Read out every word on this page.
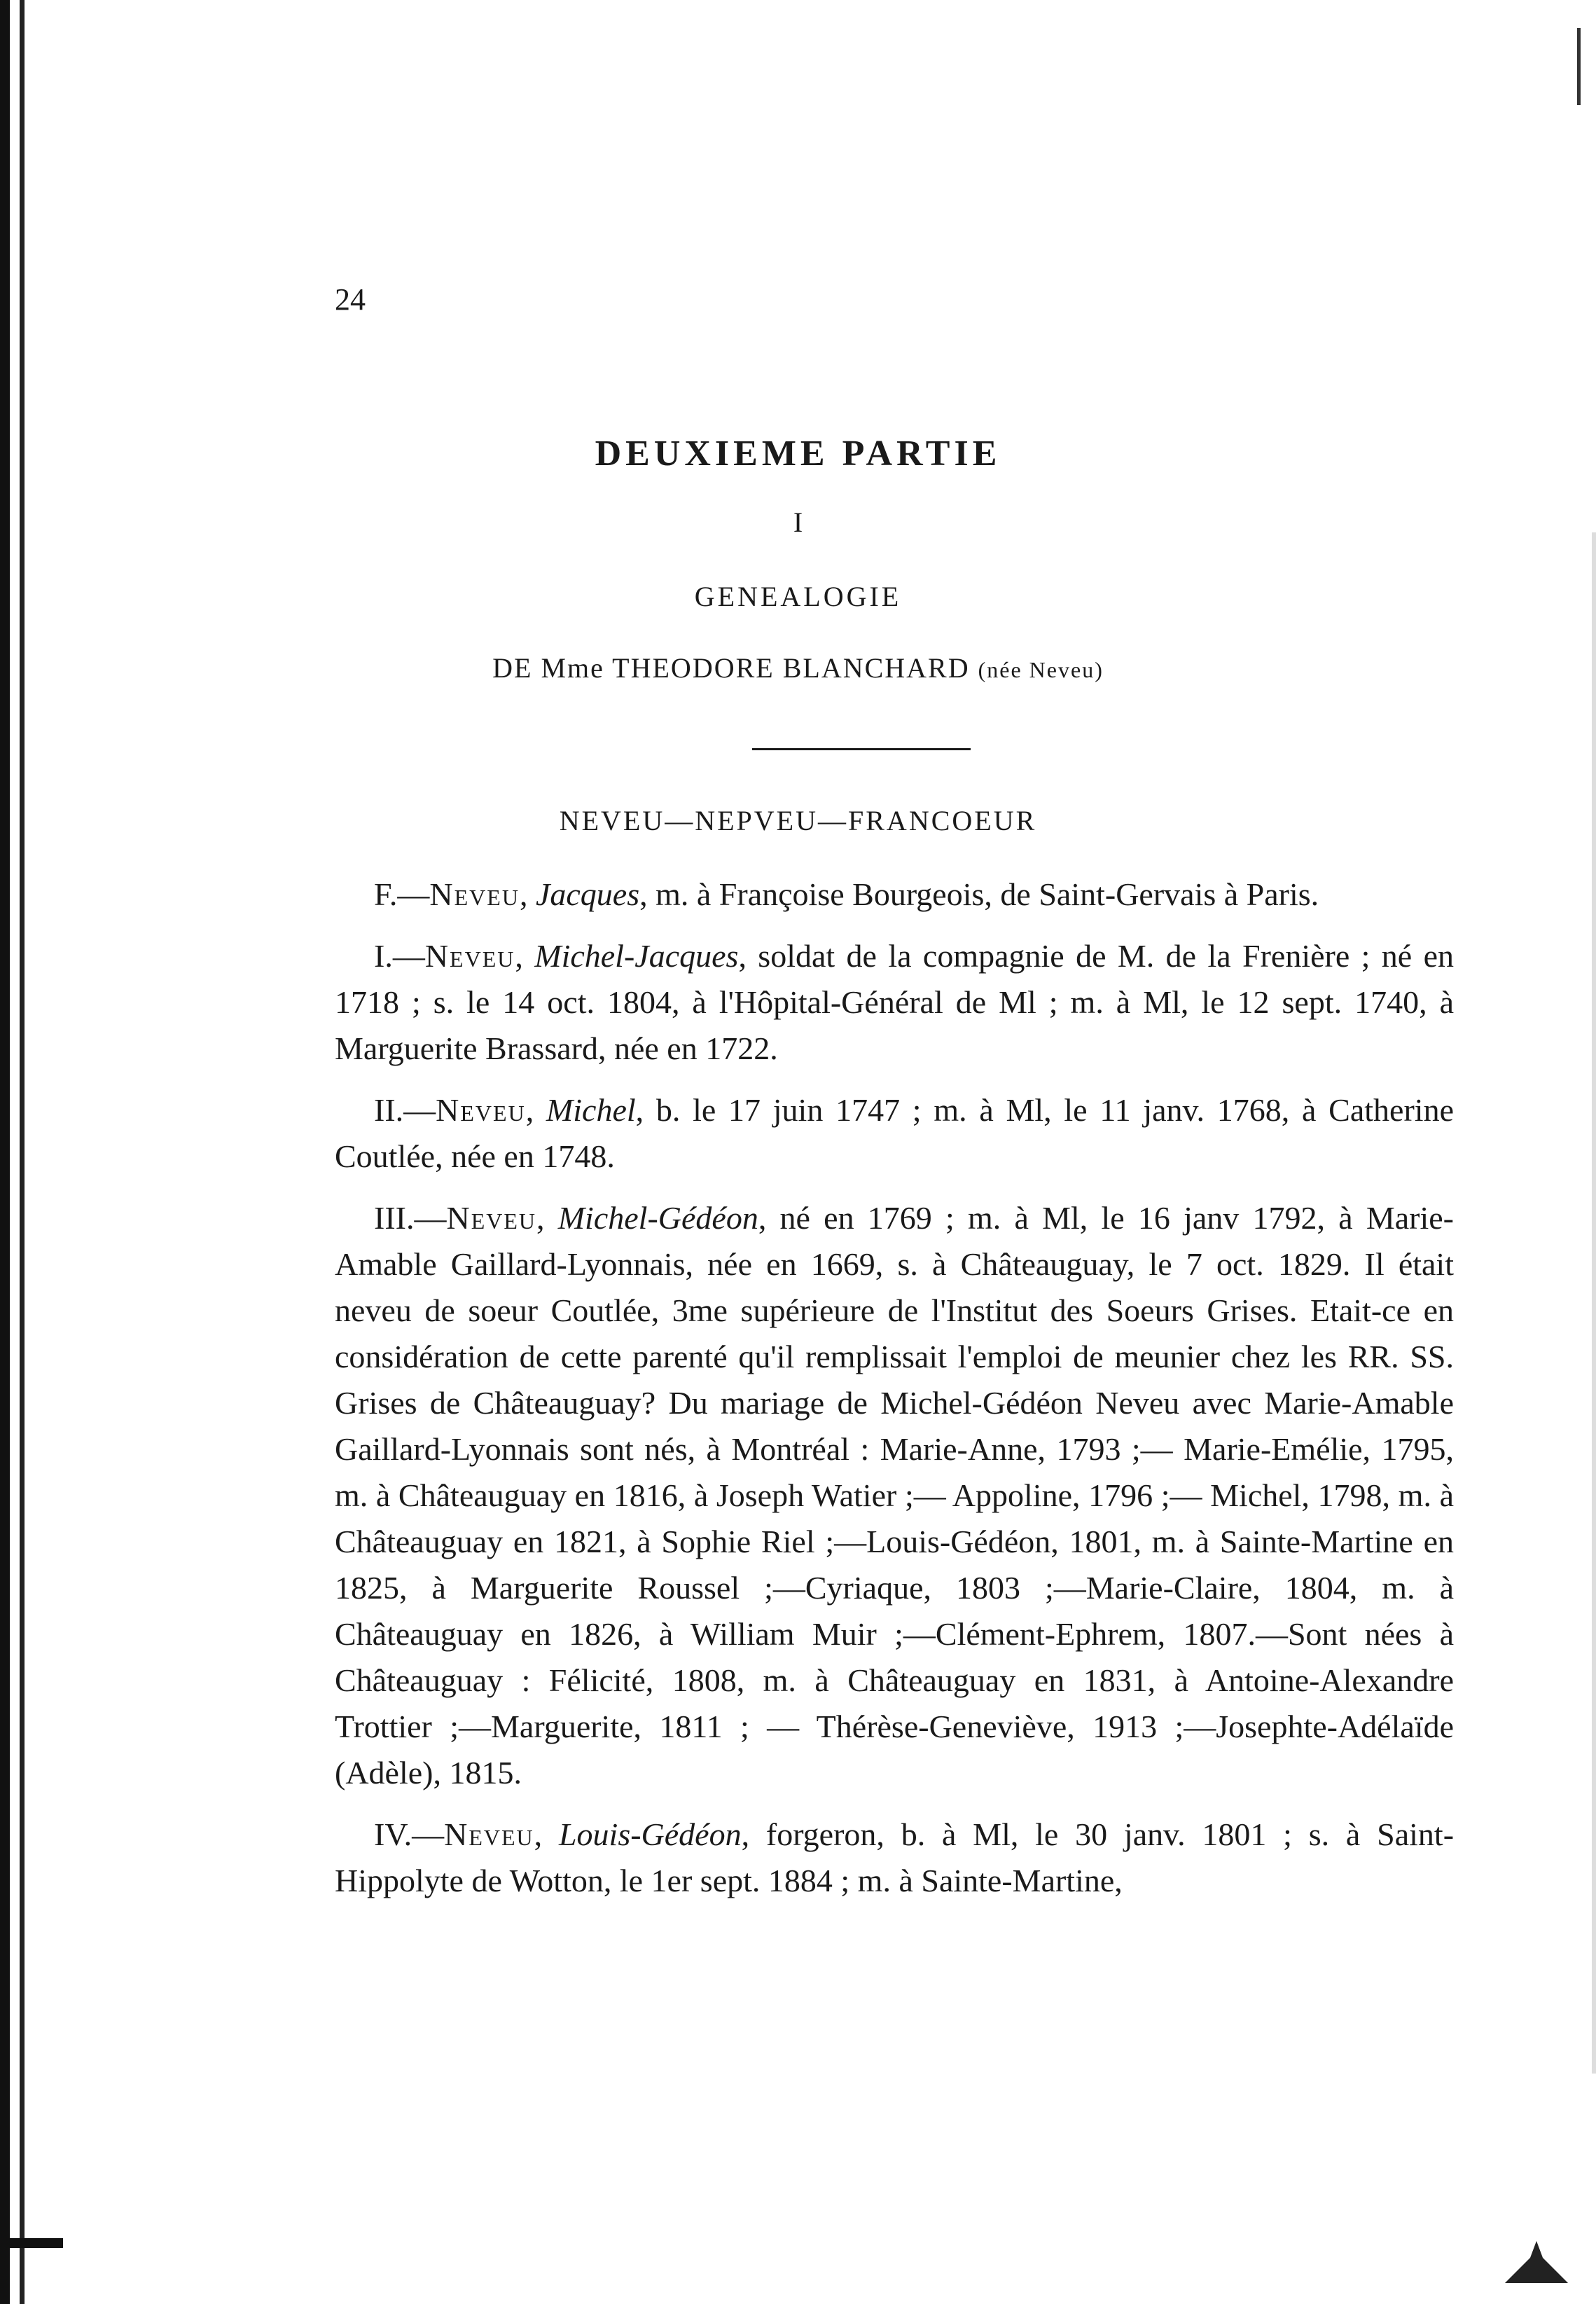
24
DEUXIEME PARTIE
I
GENEALOGIE
DE Mme THEODORE BLANCHARD (née Neveu)
NEVEU—NEPVEU—FRANCOEUR

F.—Neveu, Jacques, m. à Françoise Bourgeois, de Saint-Gervais à Paris.

I.—Neveu, Michel-Jacques, soldat de la compagnie de M. de la Frenière ; né en 1718 ; s. le 14 oct. 1804, à l'Hôpital-Général de Ml ; m. à Ml, le 12 sept. 1740, à Marguerite Brassard, née en 1722.

II.—Neveu, Michel, b. le 17 juin 1747 ; m. à Ml, le 11 janv. 1768, à Catherine Coutlée, née en 1748.

III.—Neveu, Michel-Gédéon, né en 1769 ; m. à Ml, le 16 janv 1792, à Marie-Amable Gaillard-Lyonnais, née en 1669, s. à Châteauguay, le 7 oct. 1829. Il était neveu de soeur Coutlée, 3me supérieure de l'Institut des Soeurs Grises. Etait-ce en considération de cette parenté qu'il remplissait l'emploi de meunier chez les RR. SS. Grises de Châteauguay? Du mariage de Michel-Gédéon Neveu avec Marie-Amable Gaillard-Lyonnais sont nés, à Montréal : Marie-Anne, 1793 ;— Marie-Emélie, 1795, m. à Châteauguay en 1816, à Joseph Watier ;— Appoline, 1796 ;— Michel, 1798, m. à Châteauguay en 1821, à Sophie Riel ;—Louis-Gédéon, 1801, m. à Sainte-Martine en 1825, à Marguerite Roussel ;—Cyriaque, 1803 ;—Marie-Claire, 1804, m. à Châteauguay en 1826, à William Muir ;—Clément-Ephrem, 1807.—Sont nées à Châteauguay : Félicité, 1808, m. à Châteauguay en 1831, à Antoine-Alexandre Trottier ;—Marguerite, 1811 ; — Thérèse-Geneviève, 1913 ;—Josephte-Adélaïde (Adèle), 1815.

IV.—Neveu, Louis-Gédéon, forgeron, b. à Ml, le 30 janv. 1801 ; s. à Saint-Hippolyte de Wotton, le 1er sept. 1884 ; m. à Sainte-Martine,
